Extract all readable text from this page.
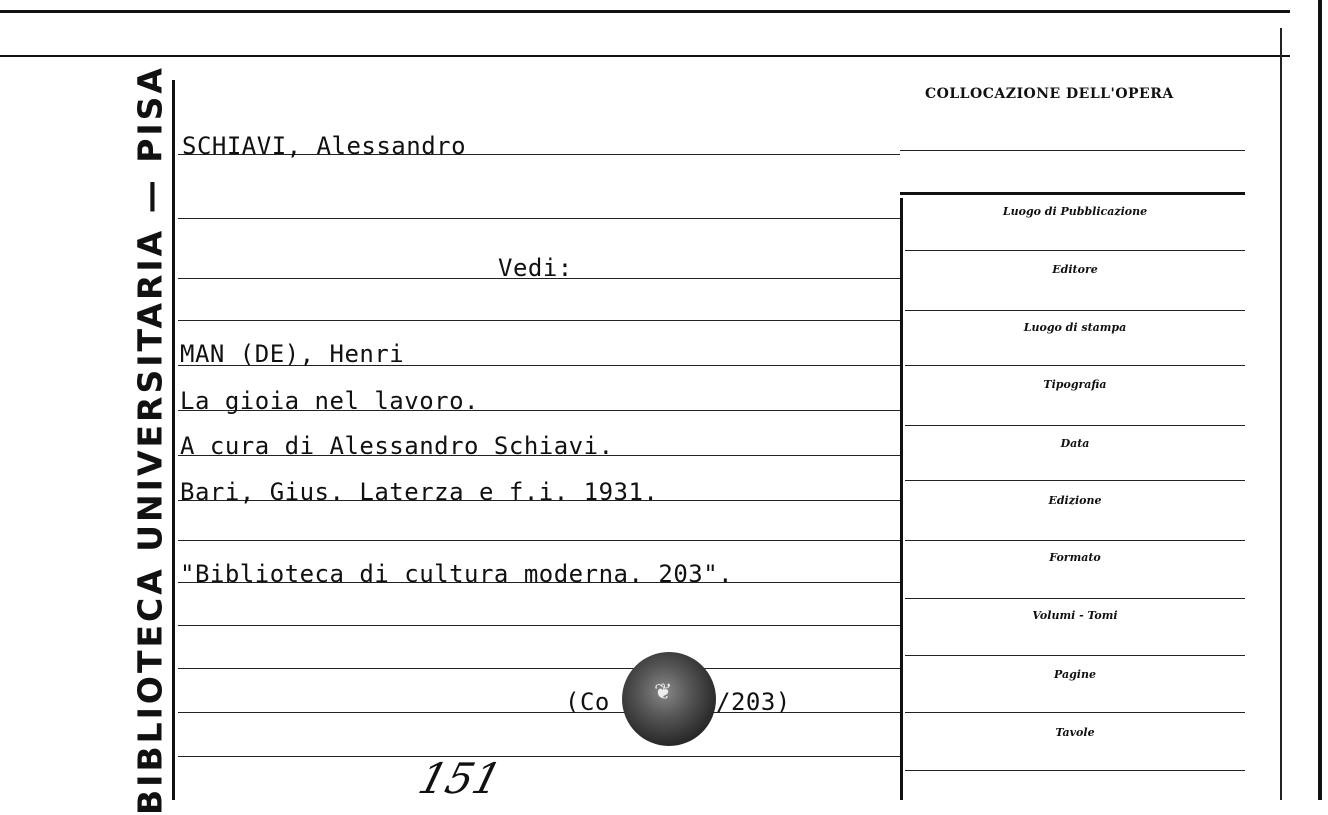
BIBLIOTECA UNIVERSITARIA — PISA SCHIAVI, Alessandro
Vedi:
MAN (DE), Henri
La gioia nel lavoro.
A cura di Alessandro Schiavi.
Bari, Gius. Laterza e f.i. 1931.
"Biblioteca di cultura moderna. 203".
(Co	/203)
❦
151
COLLOCAZIONE DELL'OPERA
Luogo di Pubblicazione
Editore
Luogo di stampa
Tipografia
Data
Edizione
Formato
Volumi - Tomi
Pagine
Tavole
